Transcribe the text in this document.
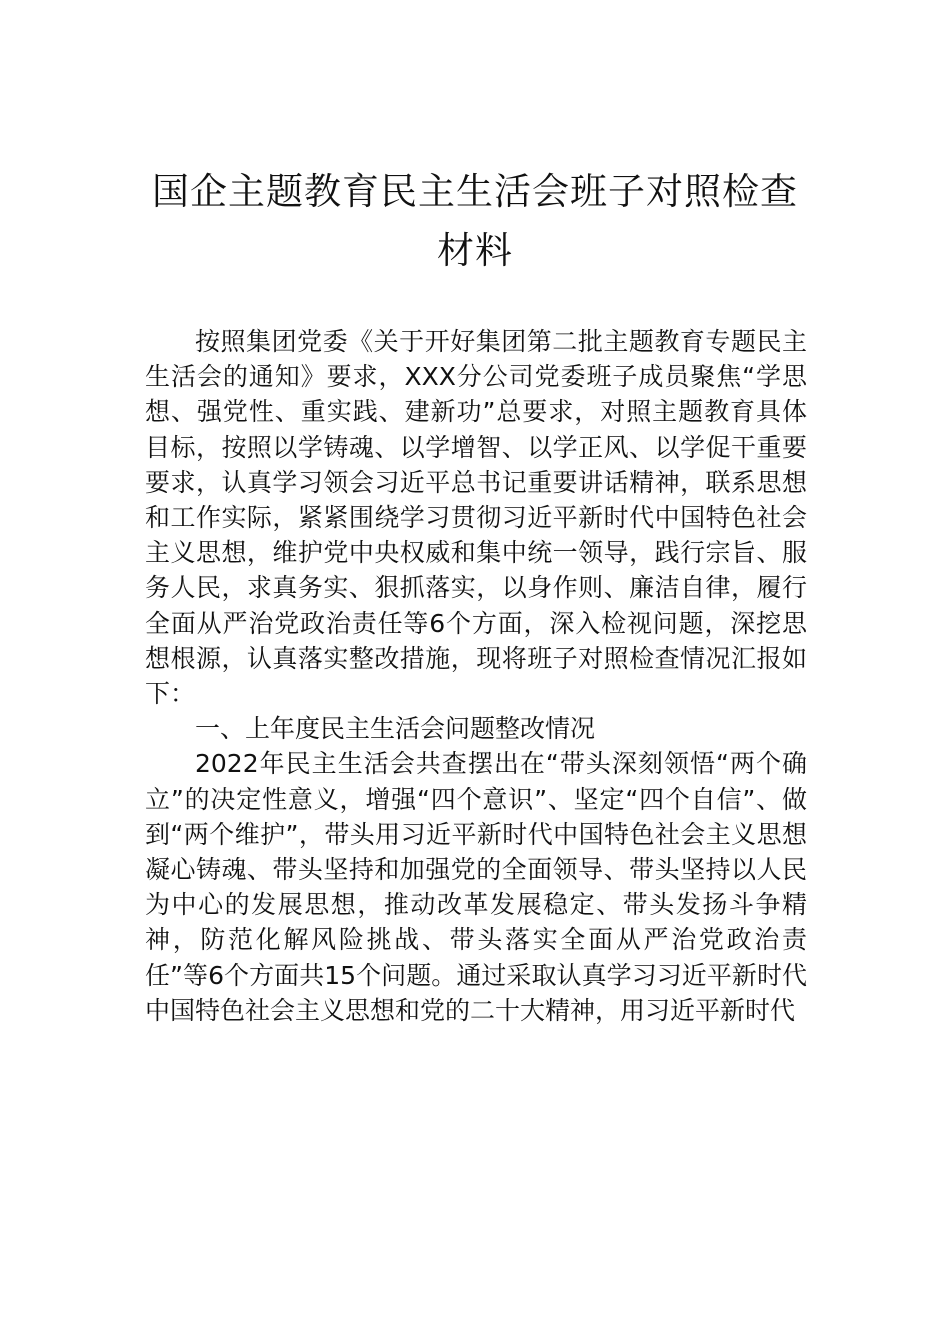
国企主题教育民主生活会班子对照检查材料

按照集团党委《关于开好集团第二批主题教育专题民主生活会的通知》要求，XXX分公司党委班子成员聚焦“学思想、强党性、重实践、建新功”总要求，对照主题教育具体目标，按照以学铸魂、以学增智、以学正风、以学促干重要要求，认真学习领会习近平总书记重要讲话精神，联系思想和工作实际，紧紧围绕学习贯彻习近平新时代中国特色社会主义思想，维护党中央权威和集中统一领导，践行宗旨、服务人民，求真务实、狠抓落实，以身作则、廉洁自律，履行全面从严治党政治责任等6个方面，深入检视问题，深挖思想根源，认真落实整改措施，现将班子对照检查情况汇报如下：

一、上年度民主生活会问题整改情况

2022年民主生活会共查摆出在“带头深刻领悟“两个确立”的决定性意义，增强“四个意识”、坚定“四个自信”、做到“两个维护”，带头用习近平新时代中国特色社会主义思想凝心铸魂、带头坚持和加强党的全面领导、带头坚持以人民为中心的发展思想，推动改革发展稳定、带头发扬斗争精神，防范化解风险挑战、带头落实全面从严治党政治责任”等6个方面共15个问题。通过采取认真学习习近平新时代中国特色社会主义思想和党的二十大精神，用习近平新时代
